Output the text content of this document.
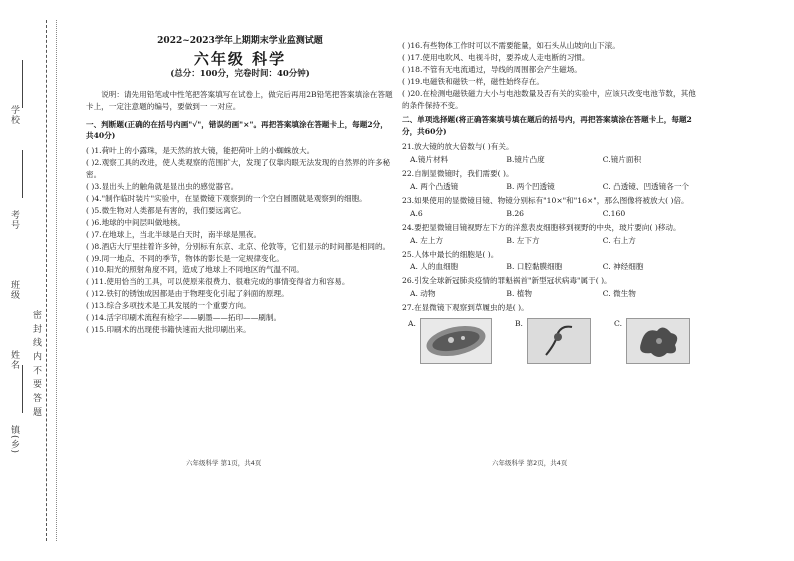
学校
考号
班级
密 封 线 内 不 要 答 题
姓名
镇(乡)
2022~2023学年上期期末学业监测试题
六年级 科学
(总分：100分，完卷时间：40分钟)
说明：请先用铅笔或中性笔把答案填写在试卷上，做完后再用2B铅笔把答案填涂在答题卡上，一定注意题的编号，要做到一 一对应。
一、判断题(正确的在括号内画"√"，错误的画"×"。再把答案填涂在答题卡上，每题2分，共40分)
( )1.荷叶上的小露珠，是天然的放大镜，能把荷叶上的小蜘蛛放大。
( )2.观察工具的改进，使人类观察的范围扩大，发现了仅靠肉眼无法发现的自然界的许多秘密。
( )3.显出头上的触角就是显出虫的感觉器官。
( )4."制作临时装片"实验中，在显微镜下观察到的一个空白圆圈就是观察到的细胞。
( )5.微生物对人类都是有害的，我们要远离它。
( )6.地球的中间层叫做地核。
( )7.在地球上，当北半球是白天时，南半球是黑夜。
( )8.酒店大厅里挂着许多钟，分别标有东京、北京、伦敦等，它们显示的时间都是相同的。
( )9.同一地点、不同的季节，物体的影长是一定规律变化。
( )10.阳光的照射角度不同，造成了地球上不同地区的气温不同。
( )11.使用恰当的工具，可以使原来很费力、很难完成的事情变得省力和容易。
( )12.铁钉的锈蚀成因都是由于物理变化引起了斜面的原理。
( )13.综合多项技术是工具发展的一个重要方向。
( )14.活字印刷术流程有检字——刷墨——拓印——刷制。
( )15.印刷术的出现使书籍快速而大批印刷出来。
( )16.有些物体工作时可以不需要能量，如石头从山坡向山下滚。
( )17.使用电吹风、电视斗时，要养成人走电断的习惯。
( )18.不管有无电流通过，导线的周围都会产生磁场。
( )19.电磁铁和磁铁一样，磁性始终存在。
( )20.在检测电磁铁磁力大小与电池数量及否有关的实验中，应该只改变电池节数，其他的条件保持不变。
二、单项选择题(将正确答案填号填在题后的括号内，再把答案填涂在答题卡上，每题2分，共60分)
21.放大镜的放大倍数与( )有关。
A.镜片材料	B.镜片凸度	C.镜片面积
22.自制显微镜时，我们需要( )。
A. 两个凸透镜	B. 两个凹透镜	C. 凸透镜、凹透镜各一个
23.如果使用的显微镜目镜、物镜分别标有"10×"和"16×"，那么图像将被放大( )倍。
A.6	B.26	C.160
24.要把显微镜目镜视野左下方的洋葱表皮细胞移到视野的中央，玻片要向( )移动。
A. 左上方	B. 左下方	C. 右上方
25.人体中最长的细胞是( )。
A. 人的血细胞	B. 口腔黏膜细胞	C. 神经细胞
26.引发全球新冠肺炎疫情的罪魁祸首"新型冠状病毒"属于( )。
A. 动物	B. 植物	C. 微生物
27.在显微镜下观察到草履虫的是( )。
A.	B.	C.
六年级科学 第1页，共4页	六年级科学 第2页，共4页
